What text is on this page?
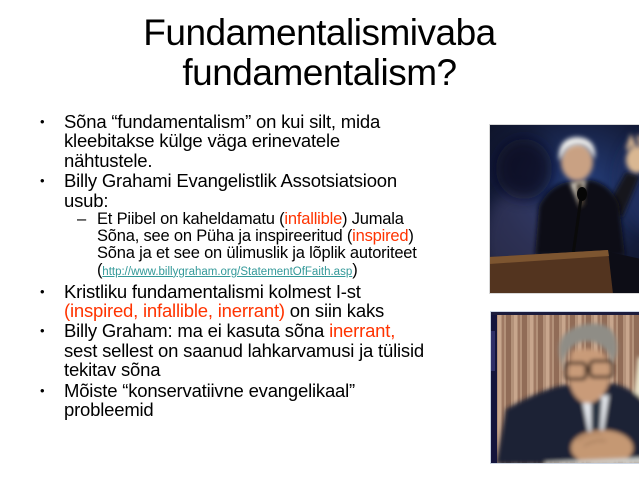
Fundamentalismivaba
fundamentalism?
•	Sõna “fundamentalism” on kui silt, mida
kleebitakse külge väga erinevatele
nähtustele.
•	Billy Grahami Evangelistlik Assotsiatsioon
usub:
– Et Piibel on kaheldamatu (infallible) Jumala
Sõna, see on Püha ja inspireeritud (inspired)
Sõna ja et see on ülimuslik ja lõplik autoriteet
(http://www.billygraham.org/StatementOfFaith.asp)
•	Kristliku fundamentalismi kolmest I-st
(inspired, infallible, inerrant) on siin kaks
•	Billy Graham: ma ei kasuta sõna inerrant,
sest sellest on saanud lahkarvamusi ja tülisid
tekitav sõna
•	Mõiste “konservatiivne evangelikaal”
probleemid
